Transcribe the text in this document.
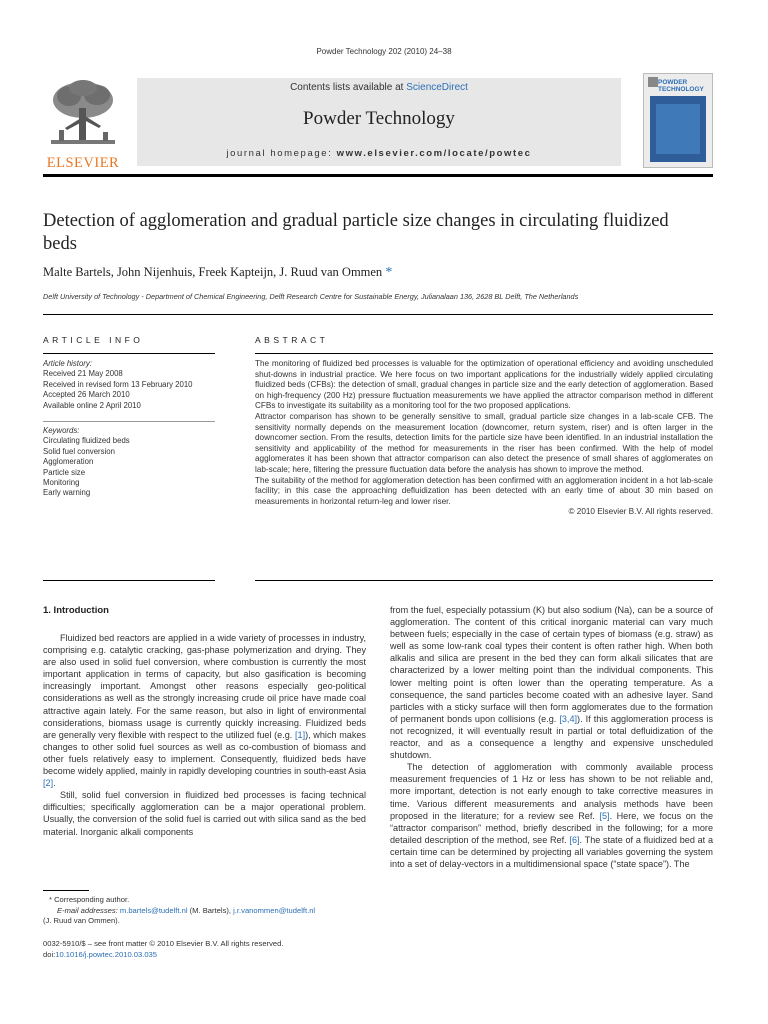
Powder Technology 202 (2010) 24–38
ELSEVIER
Contents lists available at ScienceDirect
Powder Technology
journal homepage: www.elsevier.com/locate/powtec
POWDER TECHNOLOGY
Detection of agglomeration and gradual particle size changes in circulating fluidized beds
Malte Bartels, John Nijenhuis, Freek Kapteijn, J. Ruud van Ommen *
Delft University of Technology - Department of Chemical Engineering, Delft Research Centre for Sustainable Energy, Julianalaan 136, 2628 BL Delft, The Netherlands
ARTICLE INFO
Article history:
Received 21 May 2008
Received in revised form 13 February 2010
Accepted 26 March 2010
Available online 2 April 2010
Keywords:
Circulating fluidized beds
Solid fuel conversion
Agglomeration
Particle size
Monitoring
Early warning
ABSTRACT

The monitoring of fluidized bed processes is valuable for the optimization of operational efficiency and avoiding unscheduled shut-downs in industrial practice. We here focus on two important applications for the industrially widely applied circulating fluidized beds (CFBs): the detection of small, gradual changes in particle size and the early detection of agglomeration. Based on high-frequency (200 Hz) pressure fluctuation measurements we have applied the attractor comparison method in different CFBs to investigate its suitability as a monitoring tool for the two proposed applications.

Attractor comparison has shown to be generally sensitive to small, gradual particle size changes in a lab-scale CFB. The sensitivity normally depends on the measurement location (downcomer, return system, riser) and is often larger in the downcomer section. From the results, detection limits for the particle size have been identified. In an industrial installation the sensitivity and applicability of the method for measurements in the riser has been confirmed. With the help of model agglomerates it has been shown that attractor comparison can also detect the presence of small shares of agglomerates on lab-scale; here, filtering the pressure fluctuation data before the analysis has shown to improve the method.

The suitability of the method for agglomeration detection has been confirmed with an agglomeration incident in a hot lab-scale facility; in this case the approaching defluidization has been detected with an early time of about 30 min based on measurements in horizontal return-leg and lower riser.

© 2010 Elsevier B.V. All rights reserved.

1. Introduction

Fluidized bed reactors are applied in a wide variety of processes in industry, comprising e.g. catalytic cracking, gas-phase polymerization and drying. They are also used in solid fuel conversion, where combustion is currently the most important application in terms of capacity, but also gasification is becoming increasingly important. Amongst other reasons especially geo-political considerations as well as the strongly increasing crude oil price have made coal attractive again lately. For the same reason, but also in light of environmental considerations, biomass usage is currently quickly increasing. Fluidized beds are generally very flexible with respect to the utilized fuel (e.g. [1]), which makes changes to other solid fuel sources as well as co-combustion of biomass and other fuels relatively easy to implement. Consequently, fluidized beds have become widely applied, mainly in rapidly developing countries in south-east Asia [2].

Still, solid fuel conversion in fluidized bed processes is facing technical difficulties; specifically agglomeration can be a major operational problem. Usually, the conversion of the solid fuel is carried out with silica sand as the bed material. Inorganic alkali components

* Corresponding author.
E-mail addresses: m.bartels@tudelft.nl (M. Bartels), j.r.vanommen@tudelft.nl
(J. Ruud van Ommen).
0032-5910/$ – see front matter © 2010 Elsevier B.V. All rights reserved.
doi:10.1016/j.powtec.2010.03.035

from the fuel, especially potassium (K) but also sodium (Na), can be a source of agglomeration. The content of this critical inorganic material can vary much between fuels; especially in the case of certain types of biomass (e.g. straw) as well as some low-rank coal types their content is often rather high. When both alkalis and silica are present in the bed they can form alkali silicates that are characterized by a lower melting point than the individual components. This lower melting point is often lower than the operating temperature. As a consequence, the sand particles become coated with an adhesive layer. Sand particles with a sticky surface will then form agglomerates due to the formation of permanent bonds upon collisions (e.g. [3,4]). If this agglomeration process is not recognized, it will eventually result in partial or total defluidization of the reactor, and as a consequence a lengthy and expensive unscheduled shutdown.

The detection of agglomeration with commonly available process measurement frequencies of 1 Hz or less has shown to be not reliable and, more important, detection is not early enough to take corrective measures in time. Various different measurements and analysis methods have been proposed in the literature; for a review see Ref. [5]. Here, we focus on the “attractor comparison” method, briefly described in the following; for a more detailed description of the method, see Ref. [6]. The state of a fluidized bed at a certain time can be determined by projecting all variables governing the system into a set of delay-vectors in a multidimensional space (“state space”). The
